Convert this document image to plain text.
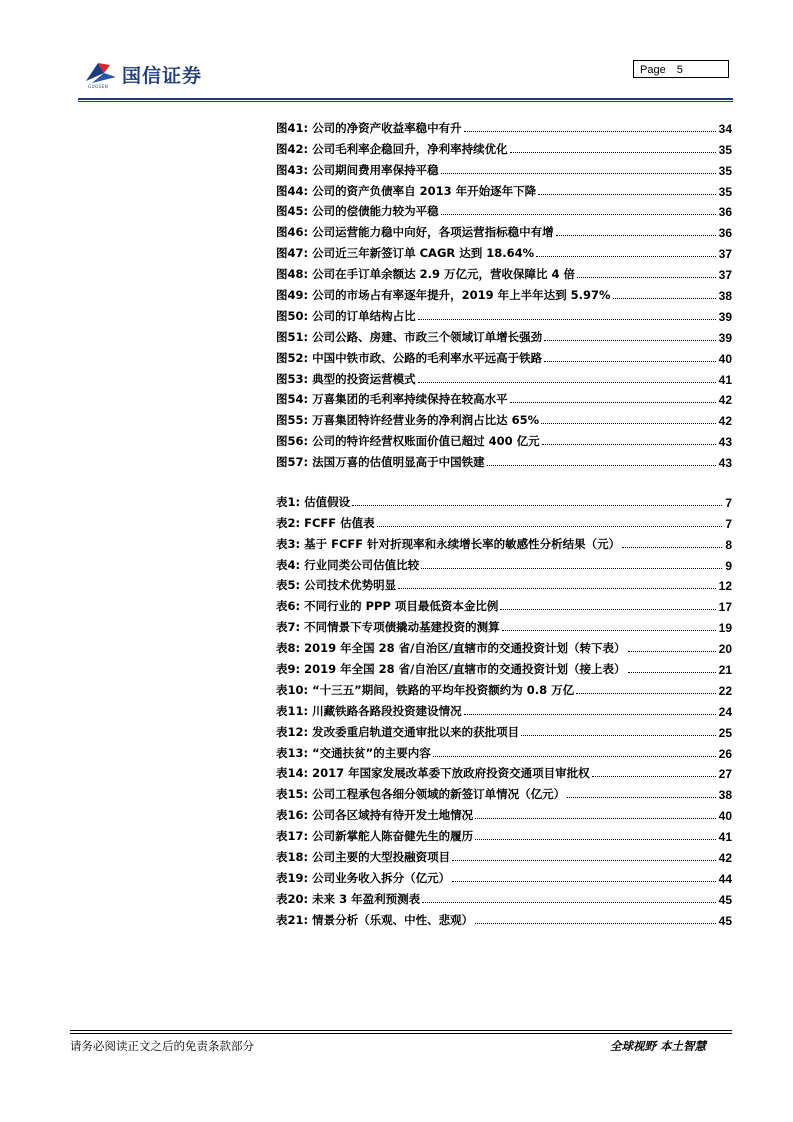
国信证券
GUOSEN
Page 5
图41: 公司的净资产收益率稳中有升	34
图42: 公司毛利率企稳回升，净利率持续优化	35
图43: 公司期间费用率保持平稳	35
图44: 公司的资产负债率自 2013 年开始逐年下降	35
图45: 公司的偿债能力较为平稳	36
图46: 公司运营能力稳中向好，各项运营指标稳中有增	36
图47: 公司近三年新签订单 CAGR 达到 18.64%	37
图48: 公司在手订单余额达 2.9 万亿元，营收保障比 4 倍	37
图49: 公司的市场占有率逐年提升，2019 年上半年达到 5.97%	38
图50: 公司的订单结构占比	39
图51: 公司公路、房建、市政三个领域订单增长强劲	39
图52: 中国中铁市政、公路的毛利率水平远高于铁路	40
图53: 典型的投资运营模式	41
图54: 万喜集团的毛利率持续保持在较高水平	42
图55: 万喜集团特许经营业务的净利润占比达 65%	42
图56: 公司的特许经营权账面价值已超过 400 亿元	43
图57: 法国万喜的估值明显高于中国铁建	43
表1: 估值假设	7
表2: FCFF 估值表	7
表3: 基于 FCFF 针对折现率和永续增长率的敏感性分析结果（元）	8
表4: 行业同类公司估值比较	9
表5: 公司技术优势明显	12
表6: 不同行业的 PPP 项目最低资本金比例	17
表7: 不同情景下专项债撬动基建投资的测算	19
表8: 2019 年全国 28 省/自治区/直辖市的交通投资计划（转下表）	20
表9: 2019 年全国 28 省/自治区/直辖市的交通投资计划（接上表）	21
表10: “十三五”期间，铁路的平均年投资额约为 0.8 万亿	22
表11: 川藏铁路各路段投资建设情况	24
表12: 发改委重启轨道交通审批以来的获批项目	25
表13: “交通扶贫”的主要内容	26
表14: 2017 年国家发展改革委下放政府投资交通项目审批权	27
表15: 公司工程承包各细分领域的新签订单情况（亿元）	38
表16: 公司各区域持有待开发土地情况	40
表17: 公司新掌舵人陈奋健先生的履历	41
表18: 公司主要的大型投融资项目	42
表19: 公司业务收入拆分（亿元）	44
表20: 未来 3 年盈利预测表	45
表21: 情景分析（乐观、中性、悲观）	45
请务必阅读正文之后的免责条款部分	全球视野 本土智慧
